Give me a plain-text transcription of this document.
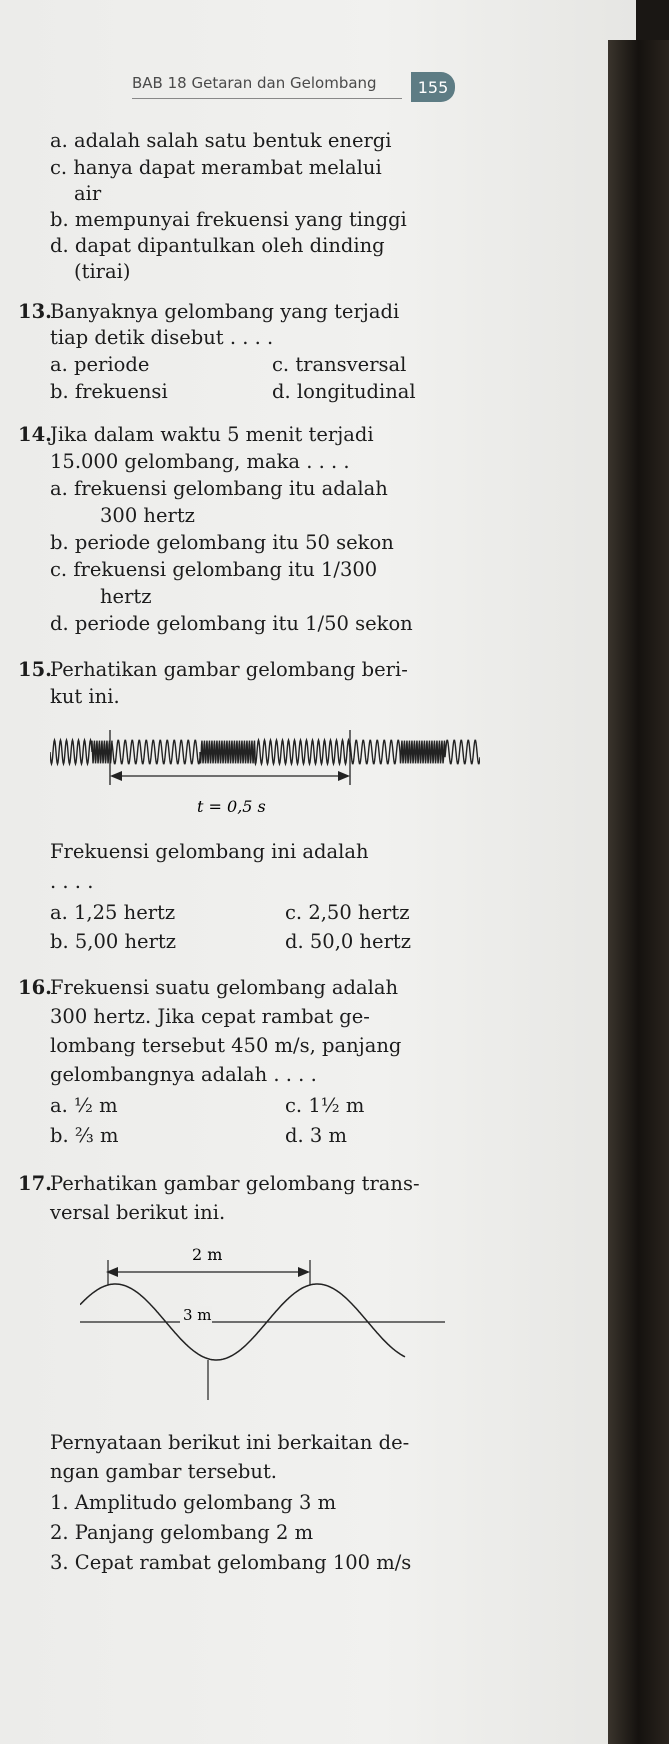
BAB 18 Getaran dan Gelombang	155
a. adalah salah satu bentuk energi
c. hanya dapat merambat melalui
air
b. mempunyai frekuensi yang tinggi
d. dapat dipantulkan oleh dinding
(tirai)
13.
Banyaknya gelombang yang terjadi
tiap detik disebut . . . .
a. periode	c. transversal
b. frekuensi	d. longitudinal
14.
Jika dalam waktu 5 menit terjadi
15.000 gelombang, maka . . . .
a. frekuensi gelombang itu adalah
300 hertz
b. periode gelombang itu 50 sekon
c. frekuensi gelombang itu 1/300
hertz
d. periode gelombang itu 1/50 sekon
15.
Perhatikan gambar gelombang beri-
kut ini.
t = 0,5 s
Frekuensi gelombang ini adalah
. . . .
a. 1,25 hertz	c. 2,50 hertz
b. 5,00 hertz	d. 50,0 hertz
16.
Frekuensi suatu gelombang adalah
300 hertz. Jika cepat rambat ge-
lombang tersebut 450 m/s, panjang
gelombangnya adalah . . . .
a. ½ m	c. 1½ m
b. ⅔ m	d. 3 m
17.
Perhatikan gambar gelombang trans-
versal berikut ini.
2 m
3 m
Pernyataan berikut ini berkaitan de-
ngan gambar tersebut.
1. Amplitudo gelombang 3 m
2. Panjang gelombang 2 m
3. Cepat rambat gelombang 100 m/s
